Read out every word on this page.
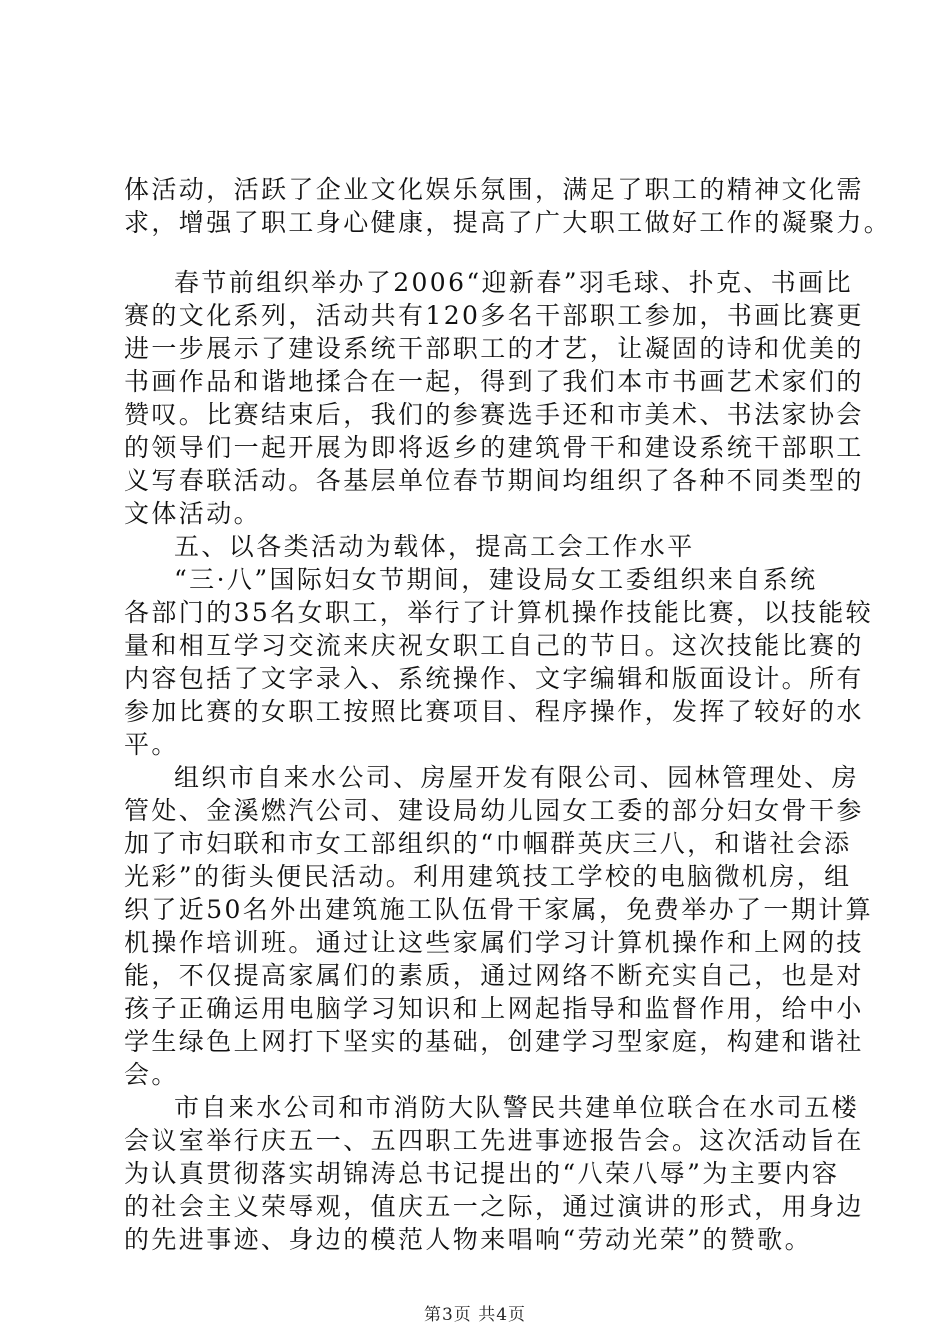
体活动，活跃了企业文化娱乐氛围，满足了职工的精神文化需
求，增强了职工身心健康，提高了广大职工做好工作的凝聚力。
春节前组织举办了2006“迎新春”羽毛球、扑克、书画比
赛的文化系列，活动共有120多名干部职工参加，书画比赛更
进一步展示了建设系统干部职工的才艺，让凝固的诗和优美的
书画作品和谐地揉合在一起，得到了我们本市书画艺术家们的
赞叹。比赛结束后，我们的参赛选手还和市美术、书法家协会
的领导们一起开展为即将返乡的建筑骨干和建设系统干部职工
义写春联活动。各基层单位春节期间均组织了各种不同类型的
文体活动。
五、以各类活动为载体，提高工会工作水平
“三·八”国际妇女节期间，建设局女工委组织来自系统
各部门的35名女职工，举行了计算机操作技能比赛，以技能较
量和相互学习交流来庆祝女职工自己的节日。这次技能比赛的
内容包括了文字录入、系统操作、文字编辑和版面设计。所有
参加比赛的女职工按照比赛项目、程序操作，发挥了较好的水
平。
组织市自来水公司、房屋开发有限公司、园林管理处、房
管处、金溪燃汽公司、建设局幼儿园女工委的部分妇女骨干参
加了市妇联和市女工部组织的“巾帼群英庆三八，和谐社会添
光彩”的街头便民活动。利用建筑技工学校的电脑微机房，组
织了近50名外出建筑施工队伍骨干家属，免费举办了一期计算
机操作培训班。通过让这些家属们学习计算机操作和上网的技
能，不仅提高家属们的素质，通过网络不断充实自己，也是对
孩子正确运用电脑学习知识和上网起指导和监督作用，给中小
学生绿色上网打下坚实的基础，创建学习型家庭，构建和谐社
会。
市自来水公司和市消防大队警民共建单位联合在水司五楼
会议室举行庆五一、五四职工先进事迹报告会。这次活动旨在
为认真贯彻落实胡锦涛总书记提出的“八荣八辱”为主要内容
的社会主义荣辱观，值庆五一之际，通过演讲的形式，用身边
的先进事迹、身边的模范人物来唱响“劳动光荣”的赞歌。
第3页 共4页
